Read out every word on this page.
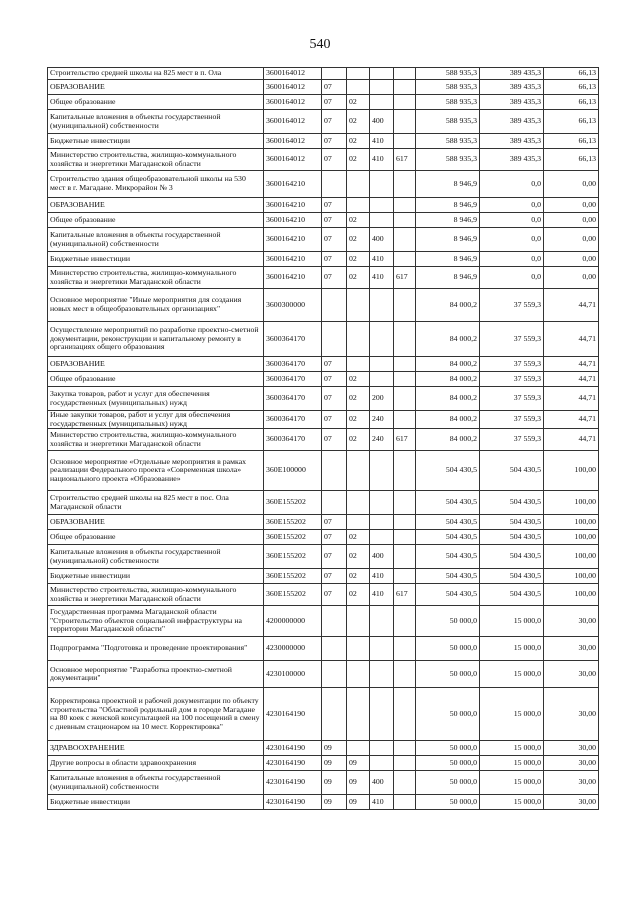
540
Строительство средней школы на 825 мест в п. Ола	3600164012					588 935,3	389 435,3	66,13
ОБРАЗОВАНИЕ	3600164012	07				588 935,3	389 435,3	66,13
Общее образование	3600164012	07	02			588 935,3	389 435,3	66,13
Капитальные вложения в объекты государственной (муниципальной) собственности	3600164012	07	02	400		588 935,3	389 435,3	66,13
Бюджетные инвестиции	3600164012	07	02	410		588 935,3	389 435,3	66,13
Министерство строительства, жилищно-коммунального хозяйства и энергетики Магаданской области	3600164012	07	02	410	617	588 935,3	389 435,3	66,13
Строительство здания общеобразовательной школы на 530 мест в г. Магадане. Микрорайон № 3	3600164210					8 946,9	0,0	0,00
ОБРАЗОВАНИЕ	3600164210	07				8 946,9	0,0	0,00
Общее образование	3600164210	07	02			8 946,9	0,0	0,00
Капитальные вложения в объекты государственной (муниципальной) собственности	3600164210	07	02	400		8 946,9	0,0	0,00
Бюджетные инвестиции	3600164210	07	02	410		8 946,9	0,0	0,00
Министерство строительства, жилищно-коммунального хозяйства и энергетики Магаданской области	3600164210	07	02	410	617	8 946,9	0,0	0,00
Основное мероприятие "Иные мероприятия для создания новых мест в общеобразовательных организациях"	3600300000					84 000,2	37 559,3	44,71
Осуществление мероприятий по разработке проектно-сметной документации, реконструкции и капитальному ремонту в организациях общего образования	3600364170					84 000,2	37 559,3	44,71
ОБРАЗОВАНИЕ	3600364170	07				84 000,2	37 559,3	44,71
Общее образование	3600364170	07	02			84 000,2	37 559,3	44,71
Закупка товаров, работ и услуг для обеспечения государственных (муниципальных) нужд	3600364170	07	02	200		84 000,2	37 559,3	44,71
Иные закупки товаров, работ и услуг для обеспечения государственных (муниципальных) нужд	3600364170	07	02	240		84 000,2	37 559,3	44,71
Министерство строительства, жилищно-коммунального хозяйства и энергетики Магаданской области	3600364170	07	02	240	617	84 000,2	37 559,3	44,71
Основное мероприятие «Отдельные мероприятия в рамках реализации Федерального проекта «Современная школа» национального проекта «Образование»	360E100000					504 430,5	504 430,5	100,00
Строительство средней школы на 825 мест в пос. Ола Магаданской области	360E155202					504 430,5	504 430,5	100,00
ОБРАЗОВАНИЕ	360E155202	07				504 430,5	504 430,5	100,00
Общее образование	360E155202	07	02			504 430,5	504 430,5	100,00
Капитальные вложения в объекты государственной (муниципальной) собственности	360E155202	07	02	400		504 430,5	504 430,5	100,00
Бюджетные инвестиции	360E155202	07	02	410		504 430,5	504 430,5	100,00
Министерство строительства, жилищно-коммунального хозяйства и энергетики Магаданской области	360E155202	07	02	410	617	504 430,5	504 430,5	100,00
Государственная программа Магаданской области "Строительство объектов социальной инфраструктуры на территории Магаданской области"	4200000000					50 000,0	15 000,0	30,00
Подпрограмма "Подготовка и проведение проектирования"	4230000000					50 000,0	15 000,0	30,00
Основное мероприятие "Разработка проектно-сметной документации"	4230100000					50 000,0	15 000,0	30,00
Корректировка проектной и рабочей документации по объекту строительства "Областной родильный дом в городе Магадане на 80 коек с женской консультацией на 100 посещений в смену с дневным стационаром на 10 мест. Корректировка"	4230164190					50 000,0	15 000,0	30,00
ЗДРАВООХРАНЕНИЕ	4230164190	09				50 000,0	15 000,0	30,00
Другие вопросы в области здравоохранения	4230164190	09	09			50 000,0	15 000,0	30,00
Капитальные вложения в объекты государственной (муниципальной) собственности	4230164190	09	09	400		50 000,0	15 000,0	30,00
Бюджетные инвестиции	4230164190	09	09	410		50 000,0	15 000,0	30,00
